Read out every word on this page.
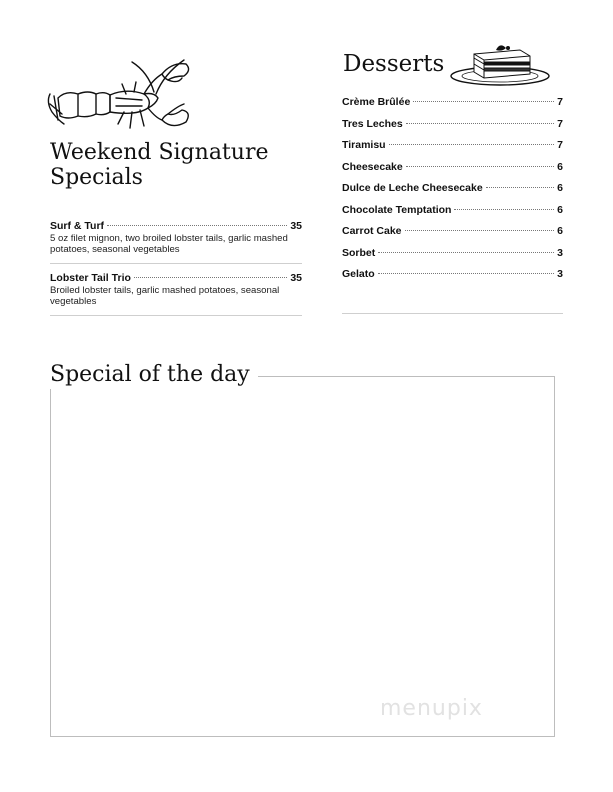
Weekend Signature Specials
Surf & Turf	35
5 oz filet mignon, two broiled lobster tails, garlic mashed potatoes, seasonal vegetables
Lobster Tail Trio	35
Broiled lobster tails, garlic mashed potatoes, seasonal vegetables
Desserts
Crème Brûlée	7
Tres Leches	7
Tiramisu	7
Cheesecake	6
Dulce de Leche Cheesecake	6
Chocolate Temptation	6
Carrot Cake	6
Sorbet	3
Gelato	3
Special of the day
menupix
